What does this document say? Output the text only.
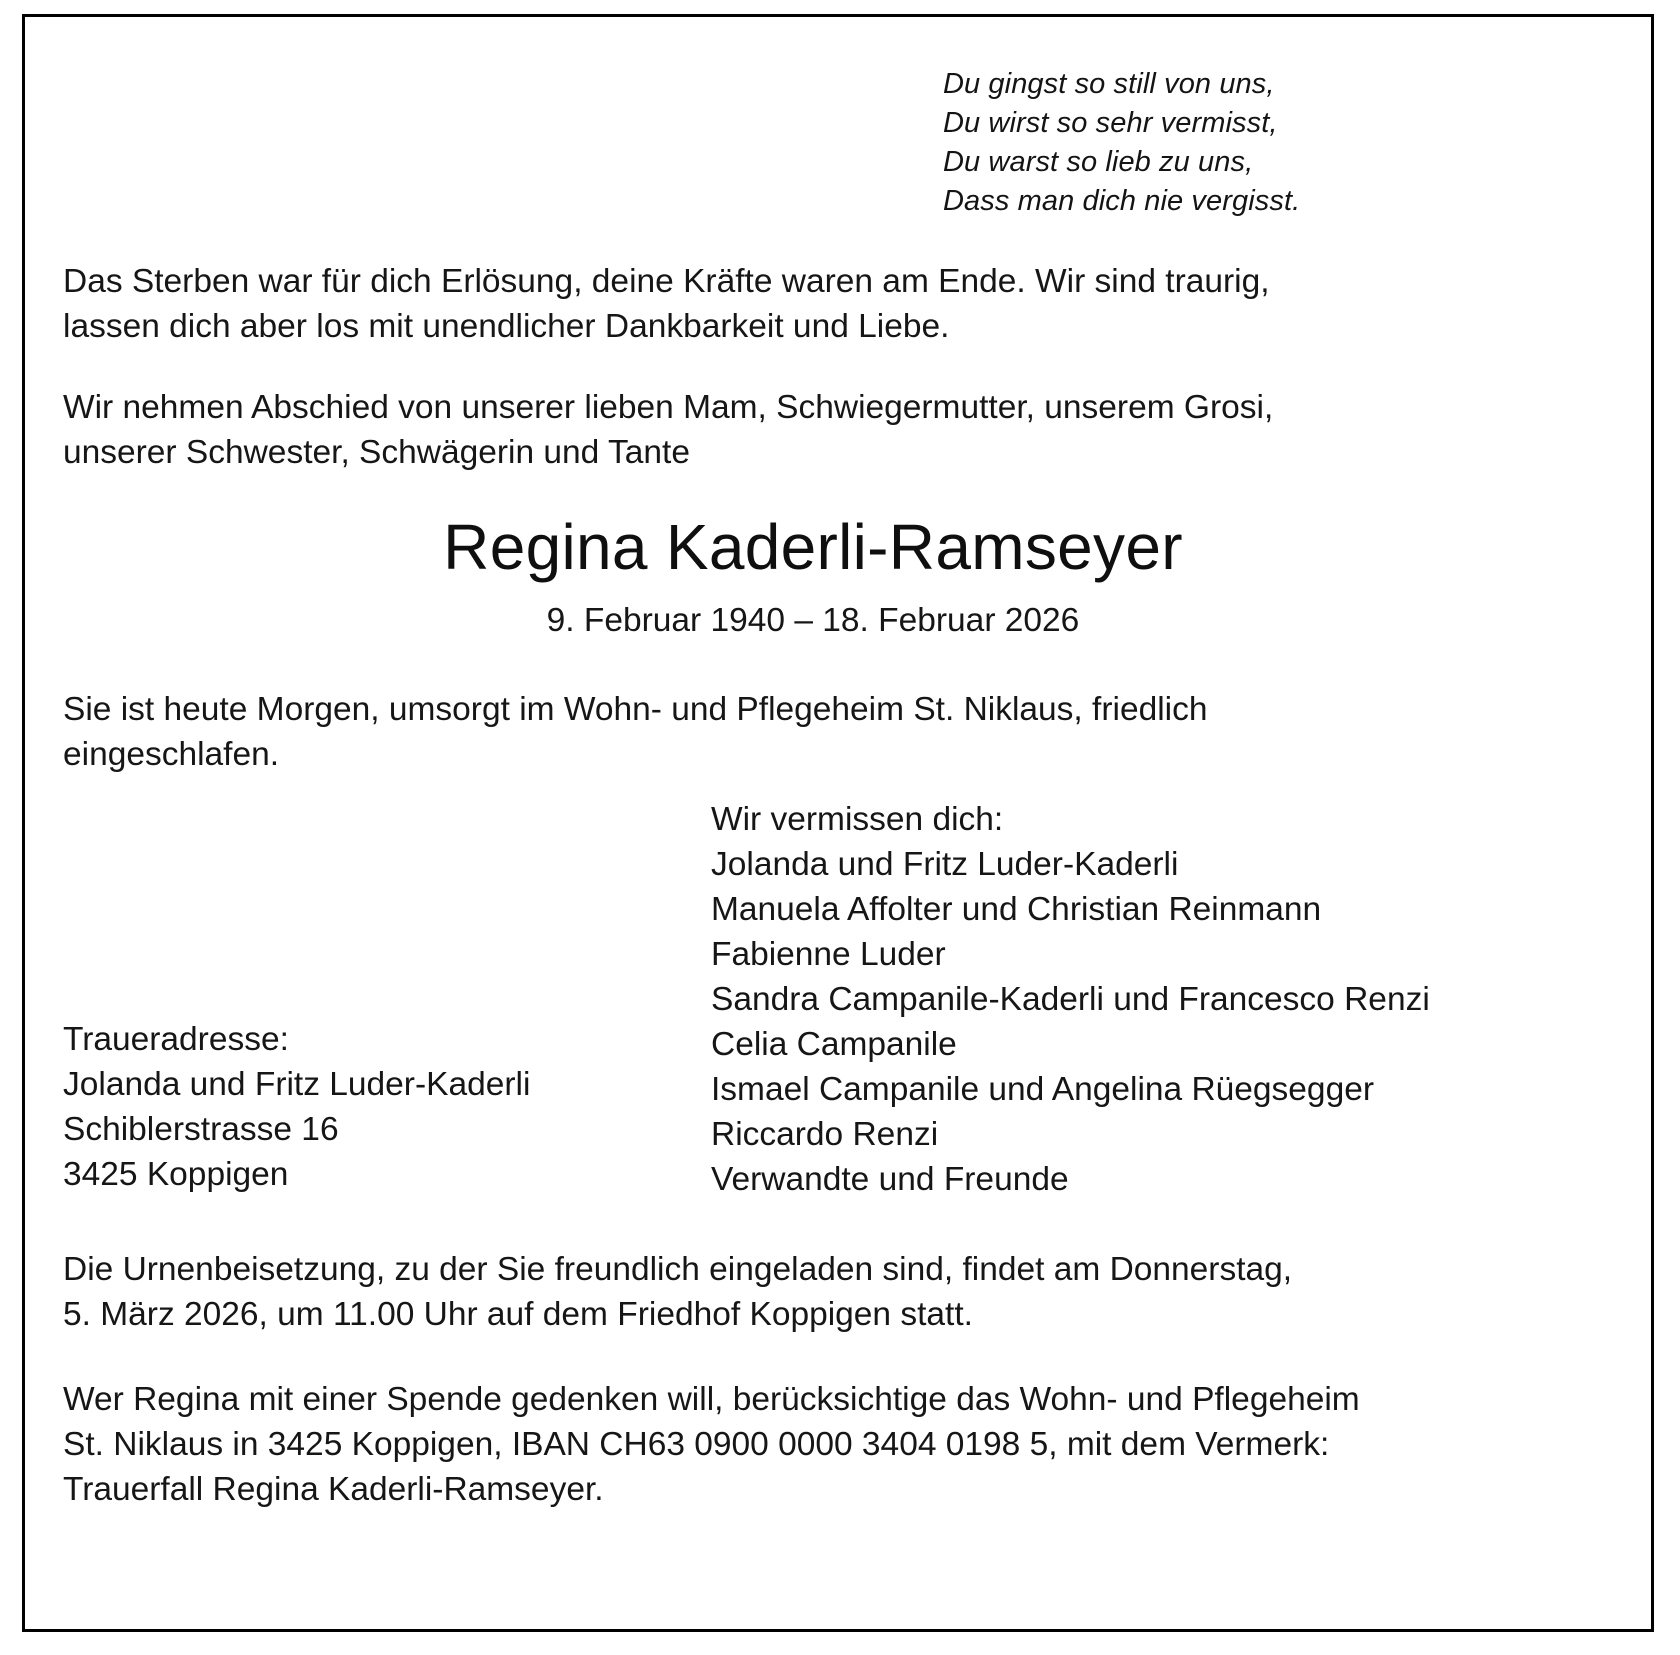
Du gingst so still von uns,
Du wirst so sehr vermisst,
Du warst so lieb zu uns,
Dass man dich nie vergisst.
Das Sterben war für dich Erlösung, deine Kräfte waren am Ende. Wir sind traurig,
lassen dich aber los mit unendlicher Dankbarkeit und Liebe.
Wir nehmen Abschied von unserer lieben Mam, Schwiegermutter, unserem Grosi,
unserer Schwester, Schwägerin und Tante
Regina Kaderli-Ramseyer
9. Februar 1940 – 18. Februar 2026
Sie ist heute Morgen, umsorgt im Wohn- und Pflegeheim St. Niklaus, friedlich
eingeschlafen.
Traueradresse:
Jolanda und Fritz Luder-Kaderli
Schiblerstrasse 16
3425 Koppigen
Wir vermissen dich:
Jolanda und Fritz Luder-Kaderli
Manuela Affolter und Christian Reinmann
Fabienne Luder
Sandra Campanile-Kaderli und Francesco Renzi
Celia Campanile
Ismael Campanile und Angelina Rüegsegger
Riccardo Renzi
Verwandte und Freunde
Die Urnenbeisetzung, zu der Sie freundlich eingeladen sind, findet am Donnerstag,
5. März 2026, um 11.00 Uhr auf dem Friedhof Koppigen statt.
Wer Regina mit einer Spende gedenken will, berücksichtige das Wohn- und Pflegeheim
St. Niklaus in 3425 Koppigen, IBAN CH63 0900 0000 3404 0198 5, mit dem Vermerk:
Trauerfall Regina Kaderli-Ramseyer.
